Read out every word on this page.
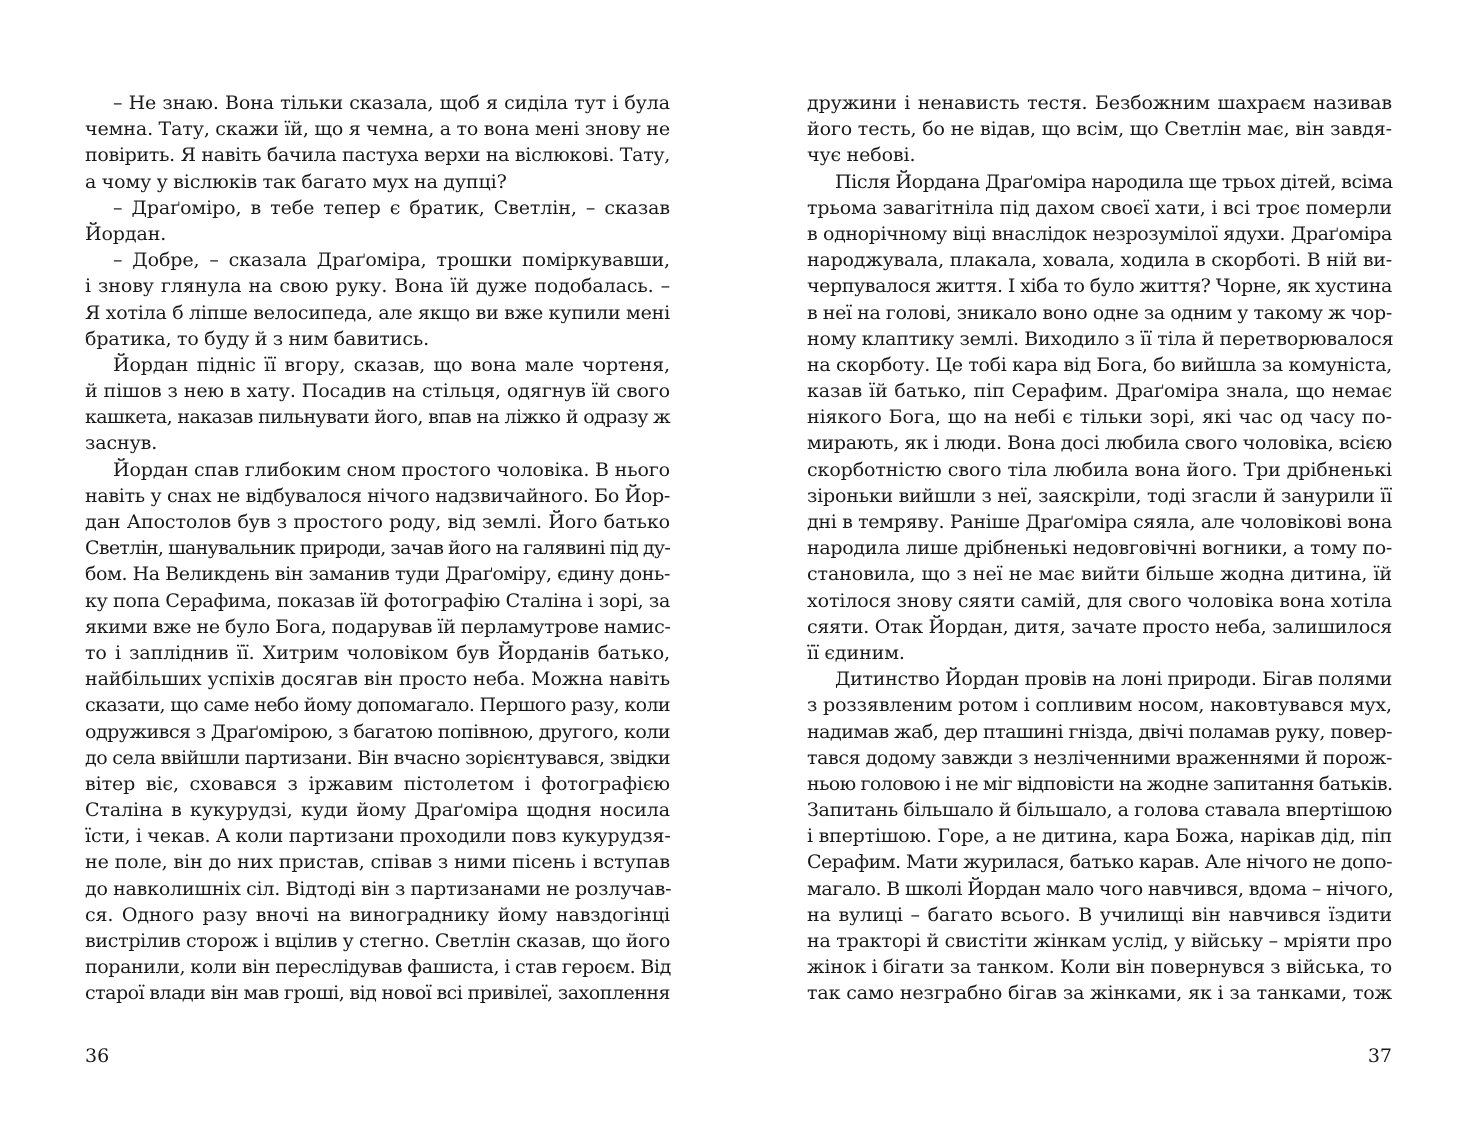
– Не знаю. Вона тільки сказала, щоб я сиділа тут і була
чемна. Тату, скажи їй, що я чемна, а то вона мені знову не
повірить. Я навіть бачила пастуха верхи на віслюкові. Тату,
а чому у віслюків так багато мух на дупці?
– Драґоміро, в тебе тепер є братик, Светлін, – сказав
Йордан.
– Добре, – сказала Драґоміра, трошки поміркувавши,
і знову глянула на свою руку. Вона їй дуже подобалась. –
Я хотіла б ліпше велосипеда, але якщо ви вже купили мені
братика, то буду й з ним бавитись.
Йордан підніс її вгору, сказав, що вона мале чортеня,
й пішов з нею в хату. Посадив на стільця, одягнув їй свого
кашкета, наказав пильнувати його, впав на ліжко й одразу ж
заснув.
Йордан спав глибоким сном простого чоловіка. В нього
навіть у снах не відбувалося нічого надзвичайного. Бо Йор-
дан Апостолов був з простого роду, від землі. Його батько
Светлін, шанувальник природи, зачав його на галявині під ду-
бом. На Великдень він заманив туди Драґоміру, єдину донь-
ку попа Серафима, показав їй фотографію Сталіна і зорі, за
якими вже не було Бога, подарував їй перламутрове намис-
то і запліднив її. Хитрим чоловіком був Йорданів батько,
найбільших успіхів досягав він просто неба. Можна навіть
сказати, що саме небо йому допомагало. Першого разу, коли
одружився з Драґомірою, з багатою попівною, другого, коли
до села ввійшли партизани. Він вчасно зорієнтувався, звідки
вітер віє, сховався з іржавим пістолетом і фотографією
Сталіна в кукурудзі, куди йому Драґоміра щодня носила
їсти, і чекав. А коли партизани проходили повз кукурудзя-
не поле, він до них пристав, співав з ними пісень і вступав
до навколишніх сіл. Відтоді він з партизанами не розлучав-
ся. Одного разу вночі на винограднику йому навздогінці
вистрілив сторож і вцілив у стегно. Светлін сказав, що його
поранили, коли він переслідував фашиста, і став героєм. Від
старої влади він мав гроші, від нової всі привілеї, захоплення
36
дружини і ненависть тестя. Безбожним шахраєм називав
його тесть, бо не відав, що всім, що Светлін має, він завдя-
чує небові.
Після Йордана Драґоміра народила ще трьох дітей, всіма
трьома завагітніла під дахом своєї хати, і всі троє померли
в однорічному віці внаслідок незрозумілої ядухи. Драґоміра
народжувала, плакала, ховала, ходила в скорботі. В ній ви-
черпувалося життя. І хіба то було життя? Чорне, як хустина
в неї на голові, зникало воно одне за одним у такому ж чор-
ному клаптику землі. Виходило з її тіла й перетворювалося
на скорботу. Це тобі кара від Бога, бо вийшла за комуніста,
казав їй батько, піп Серафим. Драґоміра знала, що немає
ніякого Бога, що на небі є тільки зорі, які час од часу по-
мирають, як і люди. Вона досі любила свого чоловіка, всією
скорботністю свого тіла любила вона його. Три дрібненькі
зіроньки вийшли з неї, заяскріли, тоді згасли й занурили її
дні в темряву. Раніше Драґоміра сяяла, але чоловікові вона
народила лише дрібненькі недовговічні вогники, а тому по-
становила, що з неї не має вийти більше жодна дитина, їй
хотілося знову сяяти самій, для свого чоловіка вона хотіла
сяяти. Отак Йордан, дитя, зачате просто неба, залишилося
її єдиним.
Дитинство Йордан провів на лоні природи. Бігав полями
з роззявленим ротом і сопливим носом, наковтувався мух,
надимав жаб, дер пташині гнізда, двічі поламав руку, повер-
тався додому завжди з незліченними враженнями й порож-
ньою головою і не міг відповісти на жодне запитання батьків.
Запитань більшало й більшало, а голова ставала впертішою
і впертішою. Горе, а не дитина, кара Божа, нарікав дід, піп
Серафим. Мати журилася, батько карав. Але нічого не допо-
магало. В школі Йордан мало чого навчився, вдома – нічого,
на вулиці – багато всього. В училищі він навчився їздити
на тракторі й свистіти жінкам услід, у війську – мріяти про
жінок і бігати за танком. Коли він повернувся з війська, то
так само незграбно бігав за жінками, як і за танками, тож
37
